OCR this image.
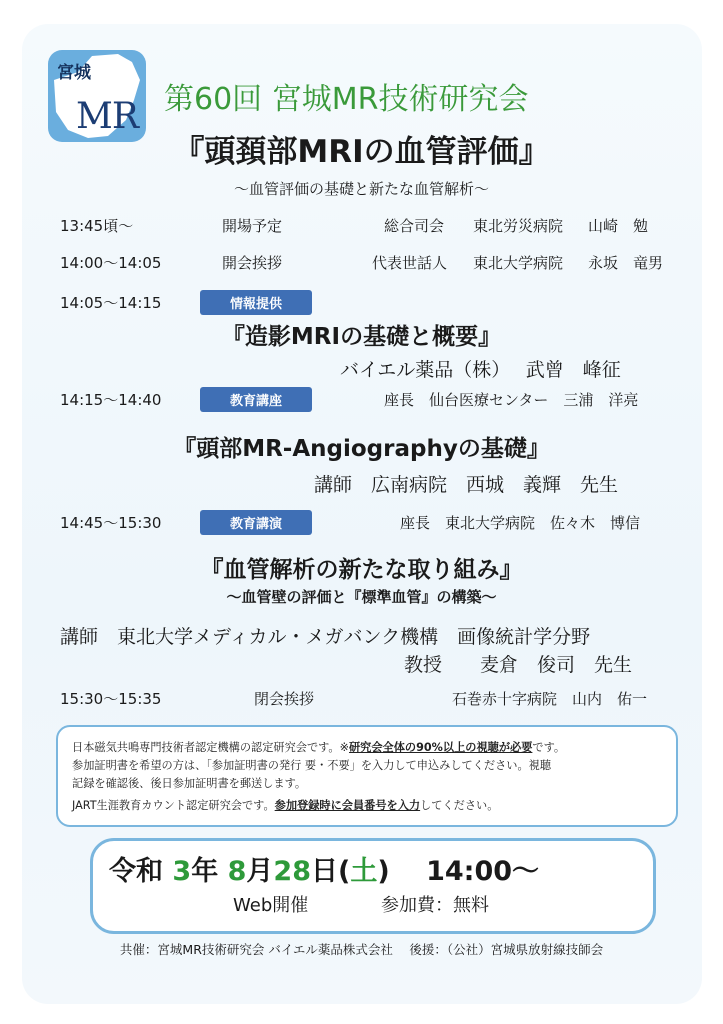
宮城
MR 第60回 宮城MR技術研究会
『頭頚部MRIの血管評価』
～血管評価の基礎と新たな血管解析～
13:45頃～	開場予定	総合司会 東北労災病院 山崎　勉
14:00～14:05	開会挨拶	代表世話人 東北大学病院 永坂　竜男
14:05～14:15	情報提供
『造影MRIの基礎と概要』
バイエル薬品（株）　 武曾　峰征
14:15～14:40	教育講座	座長　仙台医療センター　三浦　洋亮
『頭部MR-Angiographyの基礎』
講師　広南病院　西城　義輝　先生
14:45～15:30	教育講演	座長　東北大学病院　佐々木　博信
『血管解析の新たな取り組み』
～血管壁の評価と『標準血管』の構築～
講師　東北大学メディカル・メガバンク機構　画像統計学分野
教授　　麦倉　俊司　先生
15:30～15:35	閉会挨拶	石巻赤十字病院　山内　佑一
日本磁気共鳴専門技術者認定機構の認定研究会です。※研究会全体の90%以上の視聴が必要です。
参加証明書を希望の方は、「参加証明書の発行 要・不要」を入力して申込みしてください。視聴
記録を確認後、後日参加証明書を郵送します。
JART生涯教育カウント認定研究会です。参加登録時に会員番号を入力してください。
令和 3年 8月28日(土)　 14:00～
Web開催	参加費：無料
共催：宮城MR技術研究会 バイエル薬品株式会社　 後援：（公社）宮城県放射線技師会
